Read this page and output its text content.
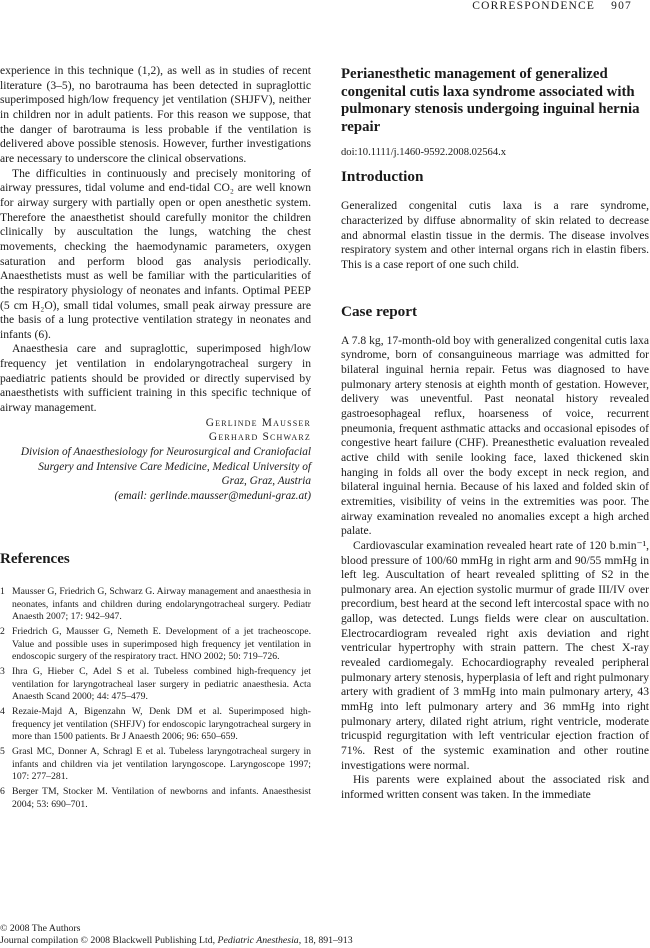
CORRESPONDENCE 907

experience in this technique (1,2), as well as in studies of recent literature (3–5), no barotrauma has been detected in supraglottic superimposed high/low frequency jet ventilation (SHJFV), neither in children nor in adult patients. For this reason we suppose, that the danger of barotrauma is less probable if the ventilation is delivered above possible stenosis. However, further investigations are necessary to underscore the clinical observations.

The difficulties in continuously and precisely monitoring of airway pressures, tidal volume and end-tidal CO₂ are well known for airway surgery with partially open or open anesthetic system. Therefore the anaesthetist should carefully monitor the children clinically by auscultation the lungs, watching the chest movements, checking the haemodynamic parameters, oxygen saturation and perform blood gas analysis periodically. Anaesthetists must as well be familiar with the particularities of the respiratory physiology of neonates and infants. Optimal PEEP (5 cm H₂O), small tidal volumes, small peak airway pressure are the basis of a lung protective ventilation strategy in neonates and infants (6).

Anaesthesia care and supraglottic, superimposed high/low frequency jet ventilation in endolaryngotracheal surgery in paediatric patients should be provided or directly supervised by anaesthetists with sufficient training in this specific technique of airway management.

Gerlinde Mausser
Gerhard Schwarz
Division of Anaesthesiology for Neurosurgical and Craniofacial
Surgery and Intensive Care Medicine, Medical University of
Graz, Graz, Austria
(email: gerlinde.mausser@meduni-graz.at)
References
1 Mausser G, Friedrich G, Schwarz G. Airway management and anaesthesia in neonates, infants and children during endolaryngotracheal surgery. Pediatr Anaesth 2007; 17: 942–947.
2 Friedrich G, Mausser G, Nemeth E. Development of a jet tracheoscope. Value and possible uses in superimposed high frequency jet ventilation in endoscopic surgery of the respiratory tract. HNO 2002; 50: 719–726.
3 Ihra G, Hieber C, Adel S et al. Tubeless combined high-frequency jet ventilation for laryngotracheal laser surgery in pediatric anaesthesia. Acta Anaesth Scand 2000; 44: 475–479.
4 Rezaie-Majd A, Bigenzahn W, Denk DM et al. Superimposed high-frequency jet ventilation (SHFJV) for endoscopic laryngotracheal surgery in more than 1500 patients. Br J Anaesth 2006; 96: 650–659.
5 Grasl MC, Donner A, Schragl E et al. Tubeless laryngotracheal surgery in infants and children via jet ventilation laryngoscope. Laryngoscope 1997; 107: 277–281.
6 Berger TM, Stocker M. Ventilation of newborns and infants. Anaesthesist 2004; 53: 690–701.
Perianesthetic management of generalized congenital cutis laxa syndrome associated with pulmonary stenosis undergoing inguinal hernia repair
doi:10.1111/j.1460-9592.2008.02564.x
Introduction

Generalized congenital cutis laxa is a rare syndrome, characterized by diffuse abnormality of skin related to decrease and abnormal elastin tissue in the dermis. The disease involves respiratory system and other internal organs rich in elastin fibers. This is a case report of one such child.

Case report

A 7.8 kg, 17-month-old boy with generalized congenital cutis laxa syndrome, born of consanguineous marriage was admitted for bilateral inguinal hernia repair. Fetus was diagnosed to have pulmonary artery stenosis at eighth month of gestation. However, delivery was uneventful. Past neonatal history revealed gastroesophageal reflux, hoarseness of voice, recurrent pneumonia, frequent asthmatic attacks and occasional episodes of congestive heart failure (CHF). Preanesthetic evaluation revealed active child with senile looking face, laxed thickened skin hanging in folds all over the body except in neck region, and bilateral inguinal hernia. Because of his laxed and folded skin of extremities, visibility of veins in the extremities was poor. The airway examination revealed no anomalies except a high arched palate.

Cardiovascular examination revealed heart rate of 120 b.min⁻¹, blood pressure of 100/60 mmHg in right arm and 90/55 mmHg in left leg. Auscultation of heart revealed splitting of S2 in the pulmonary area. An ejection systolic murmur of grade III/IV over precordium, best heard at the second left intercostal space with no gallop, was detected. Lungs fields were clear on auscultation. Electrocardiogram revealed right axis deviation and right ventricular hypertrophy with strain pattern. The chest X-ray revealed cardiomegaly. Echocardiography revealed peripheral pulmonary artery stenosis, hyperplasia of left and right pulmonary artery with gradient of 3 mmHg into main pulmonary artery, 43 mmHg into left pulmonary artery and 36 mmHg into right pulmonary artery, dilated right atrium, right ventricle, moderate tricuspid regurgitation with left ventricular ejection fraction of 71%. Rest of the systemic examination and other routine investigations were normal.

His parents were explained about the associated risk and informed written consent was taken. In the immediate

© 2008 The Authors
Journal compilation © 2008 Blackwell Publishing Ltd, Pediatric Anesthesia, 18, 891–913
